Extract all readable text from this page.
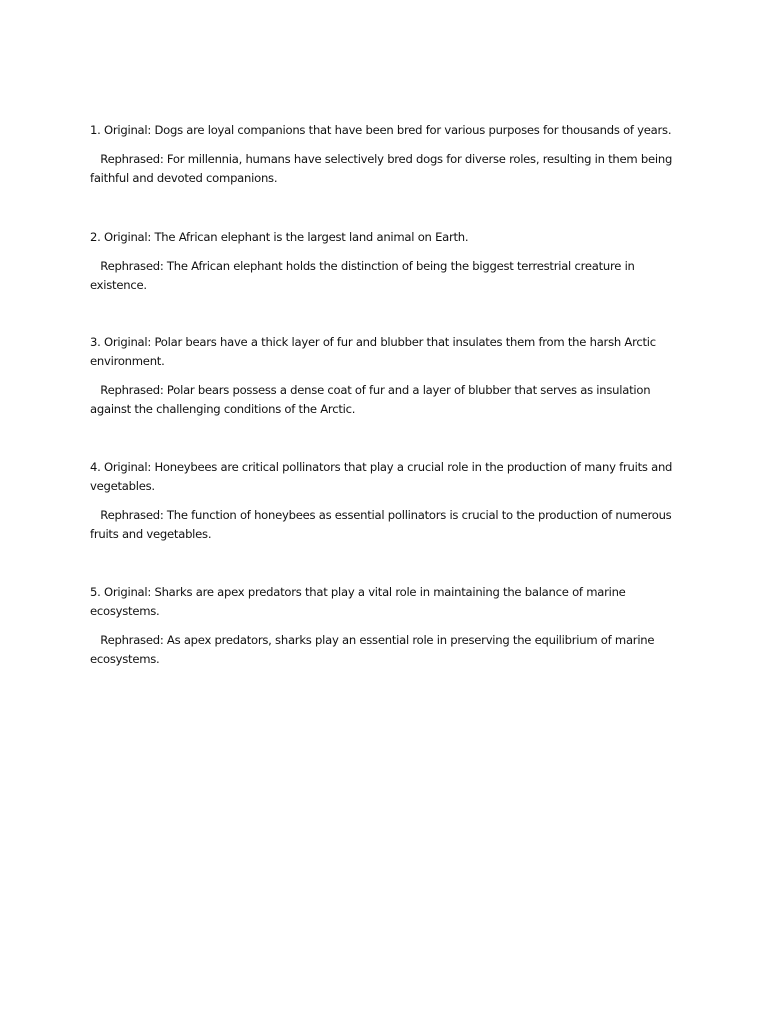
1. Original: Dogs are loyal companions that have been bred for various purposes for thousands of years.

Rephrased: For millennia, humans have selectively bred dogs for diverse roles, resulting in them being

faithful and devoted companions.

2. Original: The African elephant is the largest land animal on Earth.

Rephrased: The African elephant holds the distinction of being the biggest terrestrial creature in

existence.

3. Original: Polar bears have a thick layer of fur and blubber that insulates them from the harsh Arctic

environment.

Rephrased: Polar bears possess a dense coat of fur and a layer of blubber that serves as insulation

against the challenging conditions of the Arctic.

4. Original: Honeybees are critical pollinators that play a crucial role in the production of many fruits and

vegetables.

Rephrased: The function of honeybees as essential pollinators is crucial to the production of numerous

fruits and vegetables.

5. Original: Sharks are apex predators that play a vital role in maintaining the balance of marine

ecosystems.

Rephrased: As apex predators, sharks play an essential role in preserving the equilibrium of marine

ecosystems.
